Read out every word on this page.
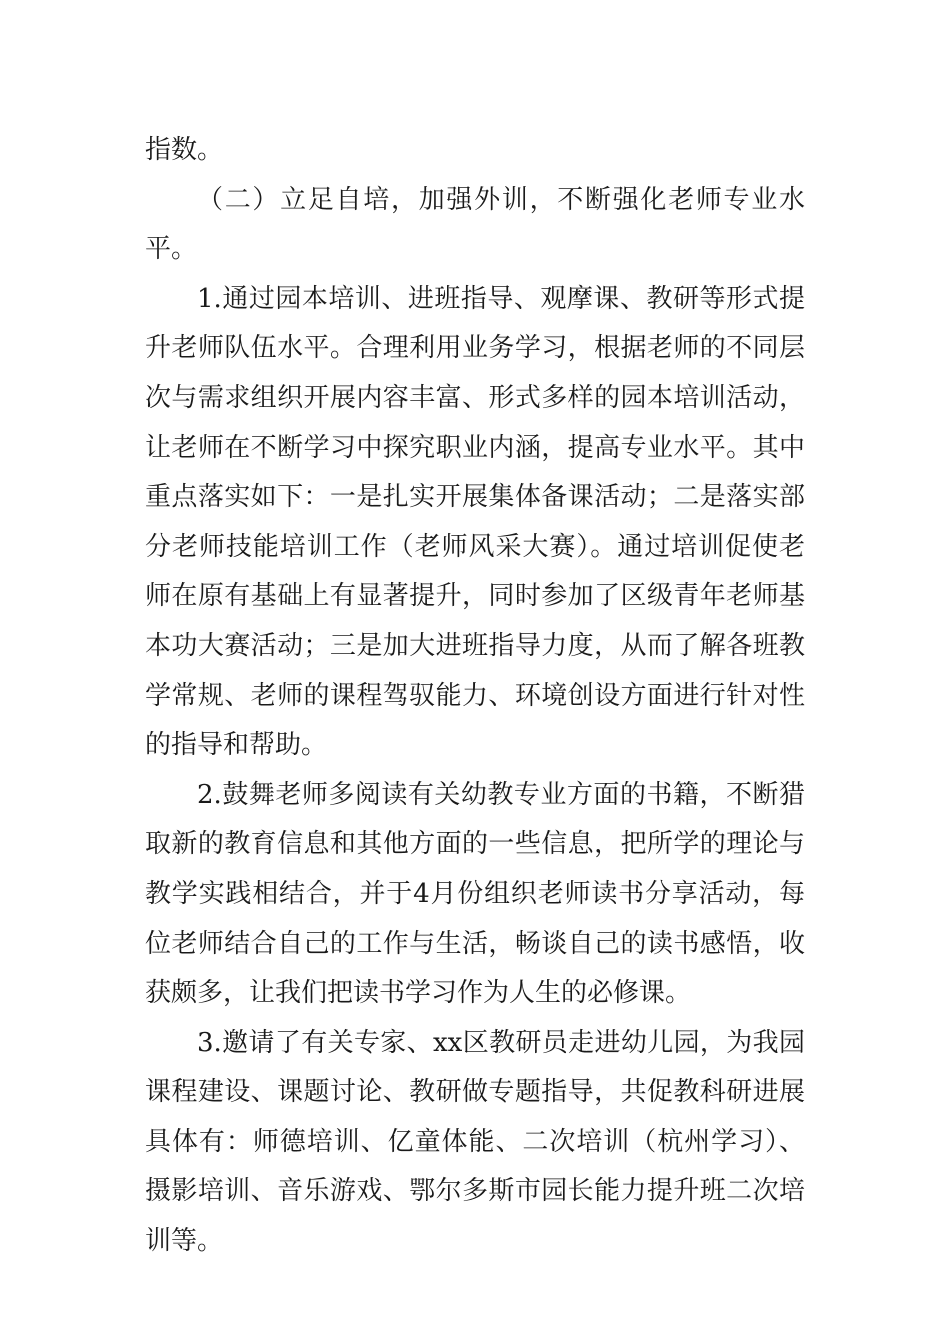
指数。

（二）立足自培，加强外训，不断强化老师专业水平。

1.通过园本培训、进班指导、观摩课、教研等形式提升老师队伍水平。合理利用业务学习，根据老师的不同层次与需求组织开展内容丰富、形式多样的园本培训活动，让老师在不断学习中探究职业内涵，提高专业水平。其中重点落实如下：一是扎实开展集体备课活动；二是落实部分老师技能培训工作（老师风采大赛）。通过培训促使老师在原有基础上有显著提升，同时参加了区级青年老师基本功大赛活动；三是加大进班指导力度，从而了解各班教学常规、老师的课程驾驭能力、环境创设方面进行针对性的指导和帮助。

2.鼓舞老师多阅读有关幼教专业方面的书籍，不断猎取新的教育信息和其他方面的一些信息，把所学的理论与教学实践相结合，并于4月份组织老师读书分享活动，每位老师结合自己的工作与生活，畅谈自己的读书感悟，收获颇多，让我们把读书学习作为人生的必修课。

3.邀请了有关专家、xx区教研员走进幼儿园，为我园课程建设、课题讨论、教研做专题指导，共促教科研进展具体有：师德培训、亿童体能、二次培训（杭州学习）、摄影培训、音乐游戏、鄂尔多斯市园长能力提升班二次培训等。
